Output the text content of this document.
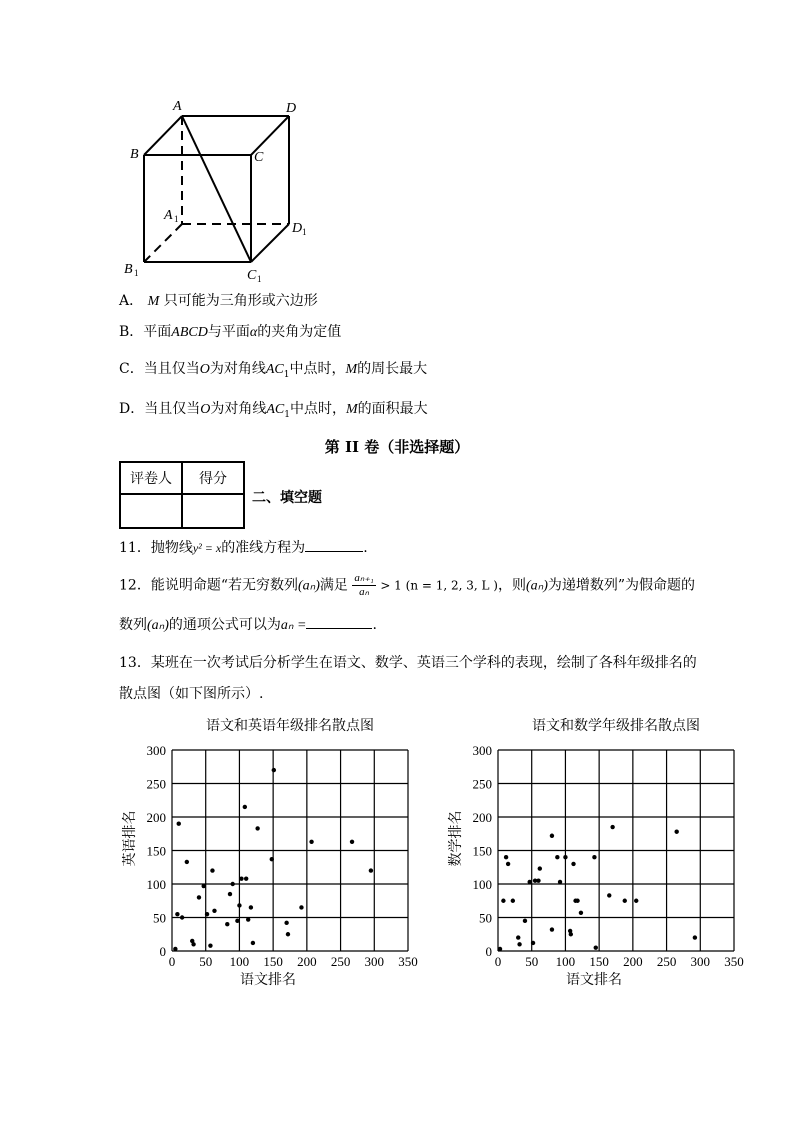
A	D
B	C
A 1
D 1
B 1	C 1
A． M 只可能为三角形或六边形
B．平面ABCD与平面α的夹角为定值
C．当且仅当O为对角线$AC_1$中点时，M的周长最大
D．当且仅当O为对角线$AC_1$中点时，M的面积最大
第 II 卷（非选择题）
评卷人	得分

二、填空题
11．抛物线y² = x的准线方程为	.
12．能说明命题“若无穷数列(aₙ)满足 $\frac{\text{aₙ₊₁}}{\text{aₙ}} > 1$ (n = 1, 2, 3, L )，则(aₙ)为递增数列”为假命题的
数列(aₙ)的通项公式可以为aₙ =	.
13．某班在一次考试后分析学生在语文、数学、英语三个学科的表现，绘制了各科年级排名的
散点图（如下图所示）.
语文和英语年级排名散点图
0 50 100 150 200 250 300 350
0
50
100
150
200
250
300
语文排名
英语排名
语文和数学年级排名散点图
0 50 100 150 200 250 300 350
0
50
100
150
200
250
300
语文排名
数学排名
